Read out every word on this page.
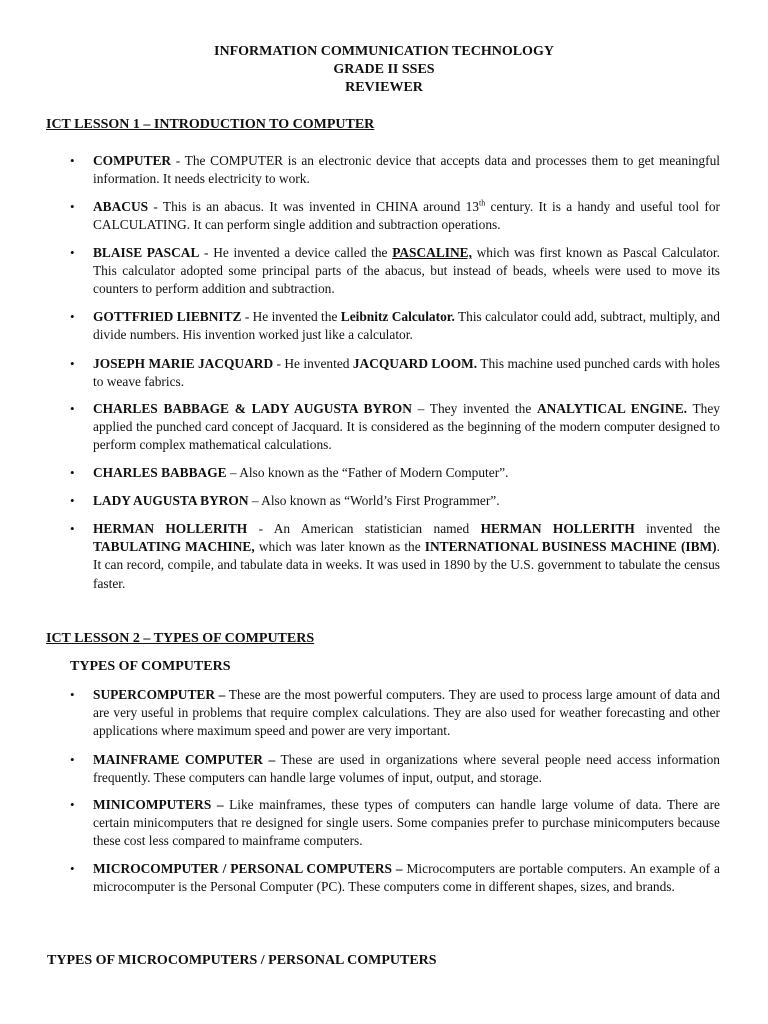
INFORMATION COMMUNICATION TECHNOLOGY
GRADE II SSES
REVIEWER
ICT LESSON 1 – INTRODUCTION TO COMPUTER
• COMPUTER - The COMPUTER is an electronic device that accepts data and processes them to get meaningful information. It needs electricity to work.
• ABACUS - This is an abacus. It was invented in CHINA around 13th century. It is a handy and useful tool for CALCULATING. It can perform single addition and subtraction operations.
• BLAISE PASCAL - He invented a device called the PASCALINE, which was first known as Pascal Calculator. This calculator adopted some principal parts of the abacus, but instead of beads, wheels were used to move its counters to perform addition and subtraction.
• GOTTFRIED LIEBNITZ - He invented the Leibnitz Calculator. This calculator could add, subtract, multiply, and divide numbers. His invention worked just like a calculator.
• JOSEPH MARIE JACQUARD - He invented JACQUARD LOOM. This machine used punched cards with holes to weave fabrics.
• CHARLES BABBAGE & LADY AUGUSTA BYRON – They invented the ANALYTICAL ENGINE. They applied the punched card concept of Jacquard. It is considered as the beginning of the modern computer designed to perform complex mathematical calculations.
• CHARLES BABBAGE – Also known as the “Father of Modern Computer”.
• LADY AUGUSTA BYRON – Also known as “World’s First Programmer”.
• HERMAN HOLLERITH - An American statistician named HERMAN HOLLERITH invented the TABULATING MACHINE, which was later known as the INTERNATIONAL BUSINESS MACHINE (IBM). It can record, compile, and tabulate data in weeks. It was used in 1890 by the U.S. government to tabulate the census faster.
ICT LESSON 2 – TYPES OF COMPUTERS
TYPES OF COMPUTERS
• SUPERCOMPUTER – These are the most powerful computers. They are used to process large amount of data and are very useful in problems that require complex calculations. They are also used for weather forecasting and other applications where maximum speed and power are very important.
• MAINFRAME COMPUTER – These are used in organizations where several people need access information frequently. These computers can handle large volumes of input, output, and storage.
• MINICOMPUTERS – Like mainframes, these types of computers can handle large volume of data. There are certain minicomputers that re designed for single users. Some companies prefer to purchase minicomputers because these cost less compared to mainframe computers.
• MICROCOMPUTER / PERSONAL COMPUTERS – Microcomputers are portable computers. An example of a microcomputer is the Personal Computer (PC). These computers come in different shapes, sizes, and brands.
TYPES OF MICROCOMPUTERS / PERSONAL COMPUTERS
